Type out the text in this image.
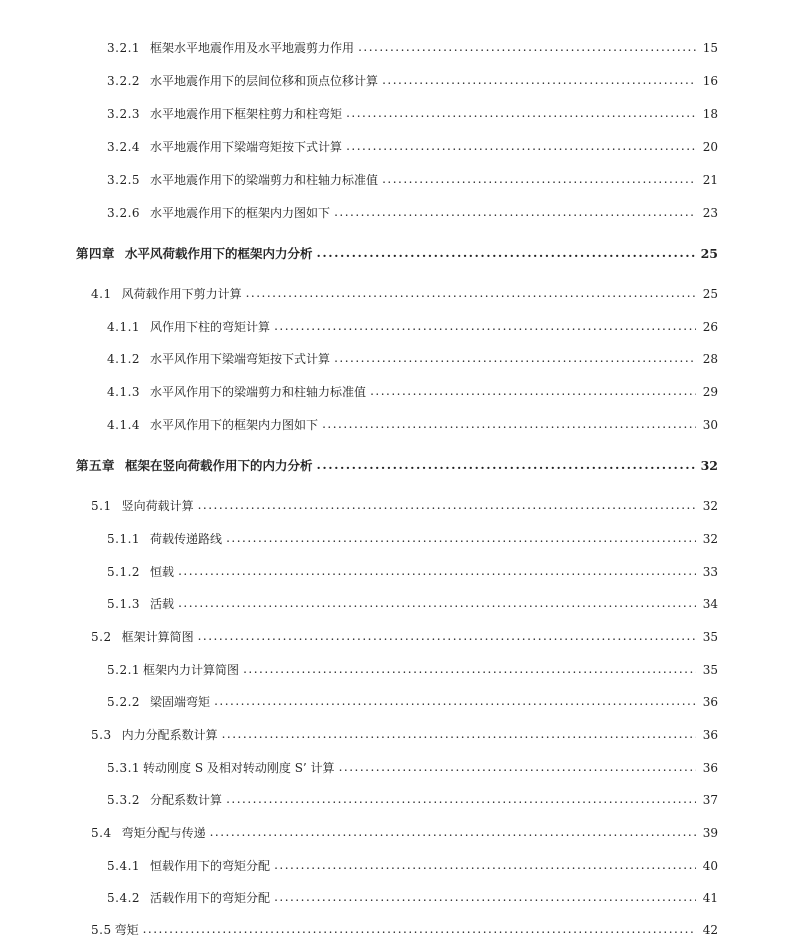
3.2.1 框架水平地震作用及水平地震剪力作用 .....	15
3.2.2 水平地震作用下的层间位移和顶点位移计算 .....	16
3.2.3 水平地震作用下框架柱剪力和柱弯矩 .....	18
3.2.4 水平地震作用下梁端弯矩按下式计算 .....	20
3.2.5 水平地震作用下的梁端剪力和柱轴力标准值 .....	21
3.2.6 水平地震作用下的框架内力图如下 .....	23
第四章 水平风荷载作用下的框架内力分析 .....	25
4.1 风荷载作用下剪力计算 .....	25
4.1.1 风作用下柱的弯矩计算 .....	26
4.1.2 水平风作用下梁端弯矩按下式计算 .....	28
4.1.3 水平风作用下的梁端剪力和柱轴力标准值 .....	29
4.1.4 水平风作用下的框架内力图如下 .....	30
第五章 框架在竖向荷载作用下的内力分析 .....	32
5.1 竖向荷载计算 .....	32
5.1.1 荷载传递路线 .....	32
5.1.2 恒载 .....	33
5.1.3 活载 .....	34
5.2 框架计算简图 .....	35
5.2.1 框架内力计算简图 .....	35
5.2.2 梁固端弯矩 .....	36
5.3 内力分配系数计算 .....	36
5.3.1 转动刚度 S 及相对转动刚度 S’ 计算 .....	36
5.3.2 分配系数计算 .....	37
5.4 弯矩分配与传递 .....	39
5.4.1 恒载作用下的弯矩分配 .....	40
5.4.2 活载作用下的弯矩分配 .....	41
5.5 弯矩 .....	42
